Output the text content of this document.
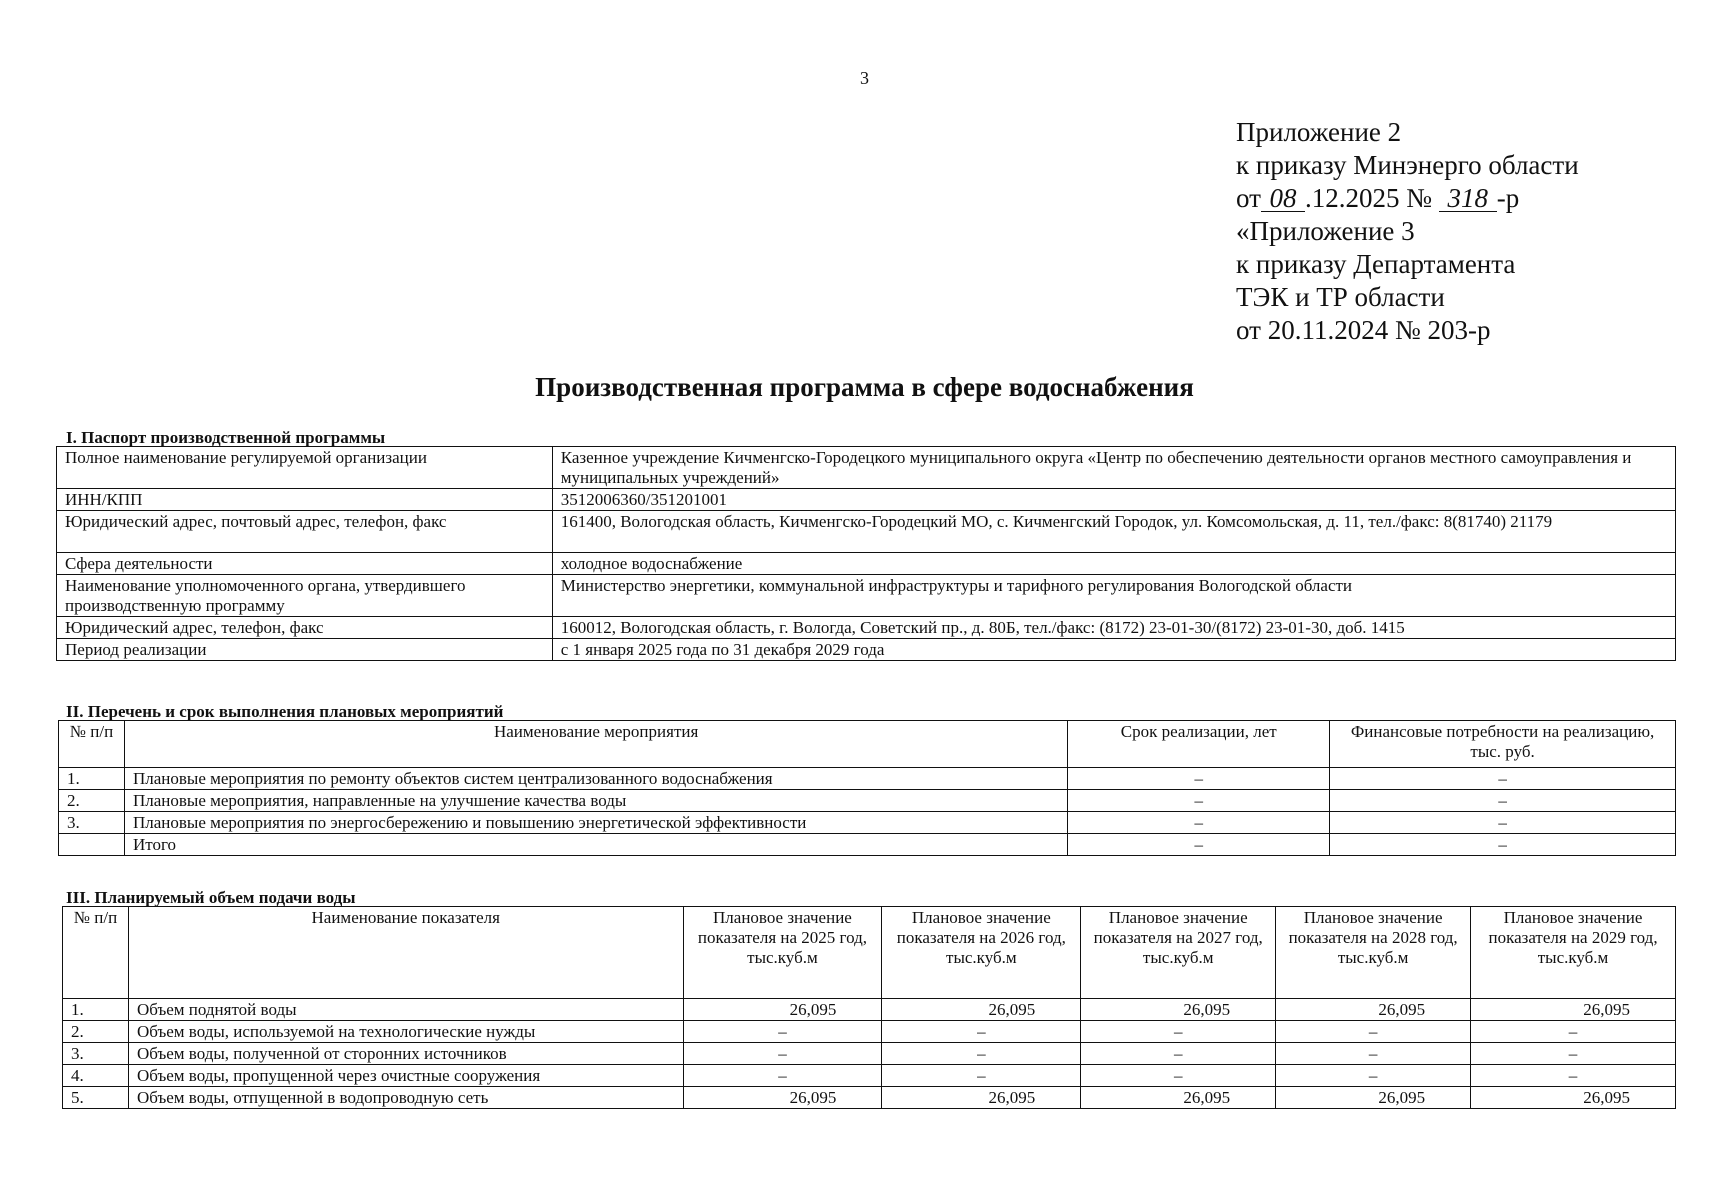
3
Приложение 2
к приказу Минэнерго области
от 08 .12.2025 № 318 -р
«Приложение 3
к приказу Департамента
ТЭК и ТР области
от 20.11.2024 № 203-р
Производственная программа в сфере водоснабжения
I. Паспорт производственной программы
Полное наименование регулируемой организации	Казенное учреждение Кичменгско-Городецкого муниципального округа «Центр по обеспечению деятельности органов местного самоуправления и муниципальных учреждений»
ИНН/КПП	3512006360/351201001
Юридический адрес, почтовый адрес, телефон, факс	161400, Вологодская область, Кичменгско-Городецкий МО, с. Кичменгский Городок, ул. Комсомольская, д. 11, тел./факс: 8(81740) 21179
Сфера деятельности	холодное водоснабжение
Наименование уполномоченного органа, утвердившего производственную программу	Министерство энергетики, коммунальной инфраструктуры и тарифного регулирования Вологодской области
Юридический адрес, телефон, факс	160012, Вологодская область, г. Вологда, Советский пр., д. 80Б, тел./факс: (8172) 23-01-30/(8172) 23-01-30, доб. 1415
Период реализации	с 1 января 2025 года по 31 декабря 2029 года
II. Перечень и срок выполнения плановых мероприятий
№ п/п	Наименование мероприятия	Срок реализации, лет	Финансовые потребности на реализацию, тыс. руб.
1.	Плановые мероприятия по ремонту объектов систем централизованного водоснабжения	–	–
2.	Плановые мероприятия, направленные на улучшение качества воды	–	–
3.	Плановые мероприятия по энергосбережению и повышению энергетической эффективности	–	–
	Итого	–	–
III. Планируемый объем подачи воды
№ п/п	Наименование показателя	Плановое значение показателя на 2025 год, тыс.куб.м	Плановое значение показателя на 2026 год, тыс.куб.м	Плановое значение показателя на 2027 год, тыс.куб.м	Плановое значение показателя на 2028 год, тыс.куб.м	Плановое значение показателя на 2029 год, тыс.куб.м
1.	Объем поднятой воды	26,095	26,095	26,095	26,095	26,095
2.	Объем воды, используемой на технологические нужды	–	–	–	–	–
3.	Объем воды, полученной от сторонних источников	–	–	–	–	–
4.	Объем воды, пропущенной через очистные сооружения	–	–	–	–	–
5.	Объем воды, отпущенной в водопроводную сеть	26,095	26,095	26,095	26,095	26,095
